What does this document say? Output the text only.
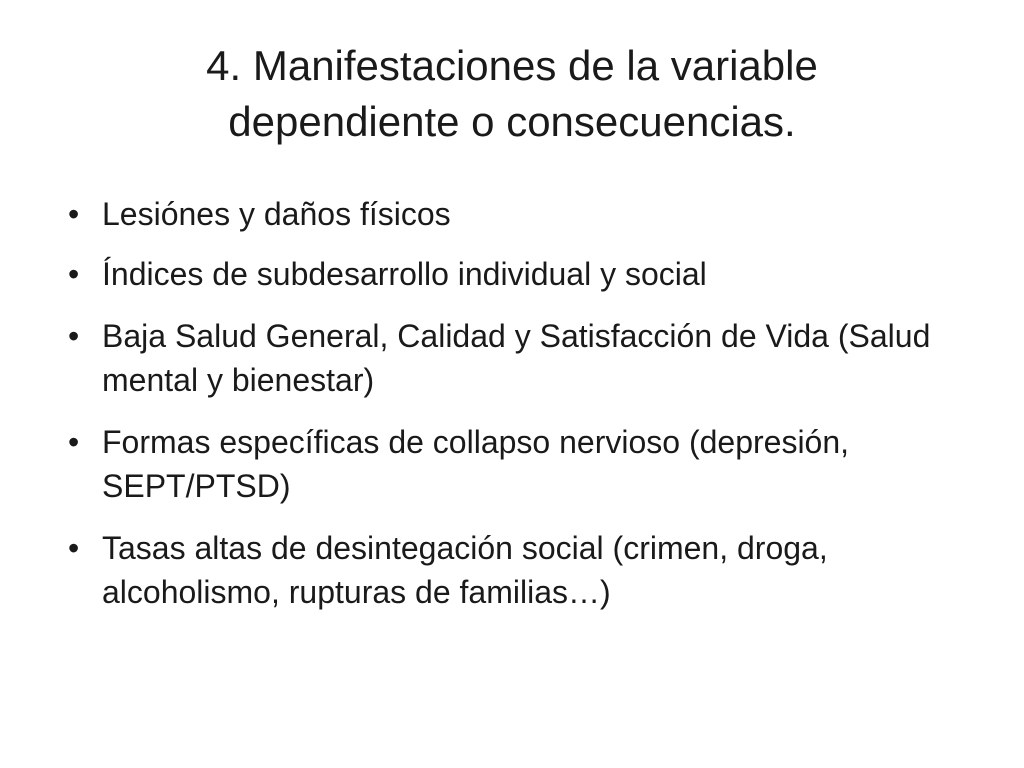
4. Manifestaciones de la variable
dependiente o consecuencias.
• Lesiónes y daños físicos
• Índices de subdesarrollo individual y social
• Baja Salud General, Calidad y Satisfacción de Vida (Salud mental y bienestar)
• Formas específicas de collapso nervioso (depresión, SEPT/PTSD)
• Tasas altas de desintegación social (crimen, droga, alcoholismo, rupturas de familias…)
